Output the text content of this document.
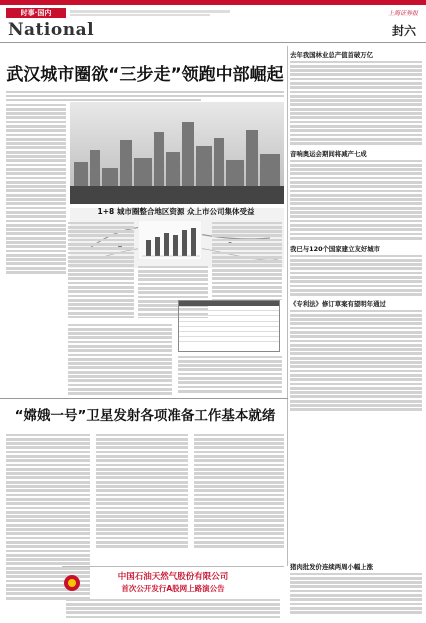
时事·国内
National
上海证券报
封六
武汉城市圈欲“三步走”领跑中部崛起
1+8 城市圈整合地区资源 众上市公司集体受益

去年我国林业总产值首破万亿
音响奥运会期间将减产七成
我已与120个国家建立友好城市
《专利法》修订草案有望明年通过
猪肉批发价连续两周小幅上涨
“嫦娥一号”卫星发射各项准备工作基本就绪
中国石油天然气股份有限公司
首次公开发行A股网上路演公告
